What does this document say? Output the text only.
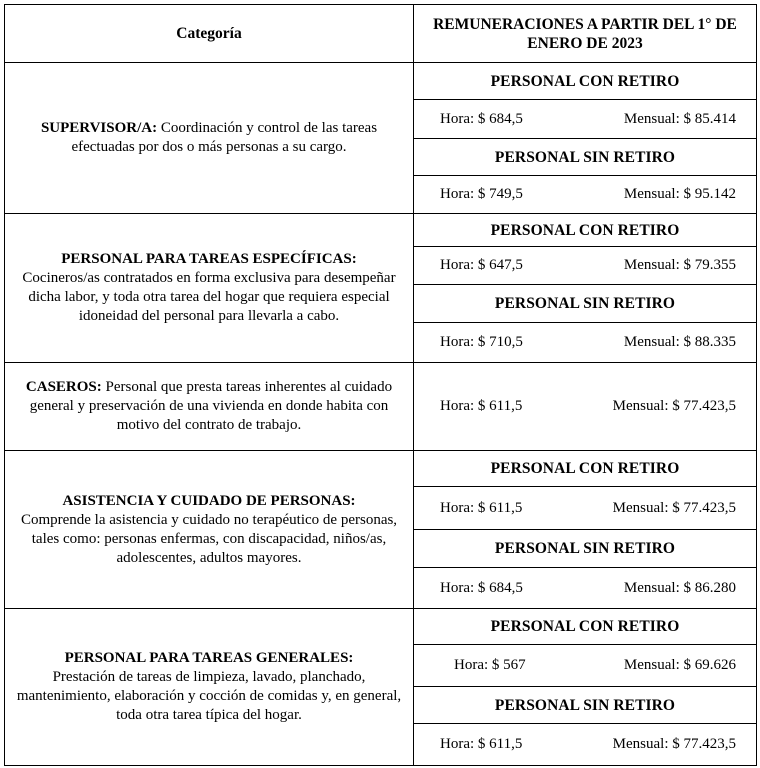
Categoría	REMUNERACIONES A PARTIR DEL 1° DE ENERO DE 2023
SUPERVISOR/A: Coordinación y control de las tareas efectuadas por dos o más personas a su cargo.	PERSONAL CON RETIRO

	Hora: $ 684,5 Mensual: $ 85.414

	PERSONAL SIN RETIRO

	Hora: $ 749,5 Mensual: $ 95.142

PERSONAL PARA TAREAS ESPECÍFICAS:
Cocineros/as contratados en forma exclusiva para desempeñar dicha labor, y toda otra tarea del hogar que requiera especial idoneidad del personal para llevarla a cabo.	PERSONAL CON RETIRO

	Hora: $ 647,5 Mensual: $ 79.355

	PERSONAL SIN RETIRO

	Hora: $ 710,5 Mensual: $ 88.335

CASEROS: Personal que presta tareas inherentes al cuidado general y preservación de una vivienda en donde habita con motivo del contrato de trabajo.	Hora: $ 611,5 Mensual: $ 77.423,5

ASISTENCIA Y CUIDADO DE PERSONAS:
Comprende la asistencia y cuidado no terapéutico de personas, tales como: personas enfermas, con discapacidad, niños/as, adolescentes, adultos mayores.	PERSONAL CON RETIRO

	Hora: $ 611,5 Mensual: $ 77.423,5

	PERSONAL SIN RETIRO

	Hora: $ 684,5 Mensual: $ 86.280

PERSONAL PARA TAREAS GENERALES:
Prestación de tareas de limpieza, lavado, planchado, mantenimiento, elaboración y cocción de comidas y, en general, toda otra tarea típica del hogar.	PERSONAL CON RETIRO

	Hora: $ 567 Mensual: $ 69.626

	PERSONAL SIN RETIRO

	Hora: $ 611,5 Mensual: $ 77.423,5
